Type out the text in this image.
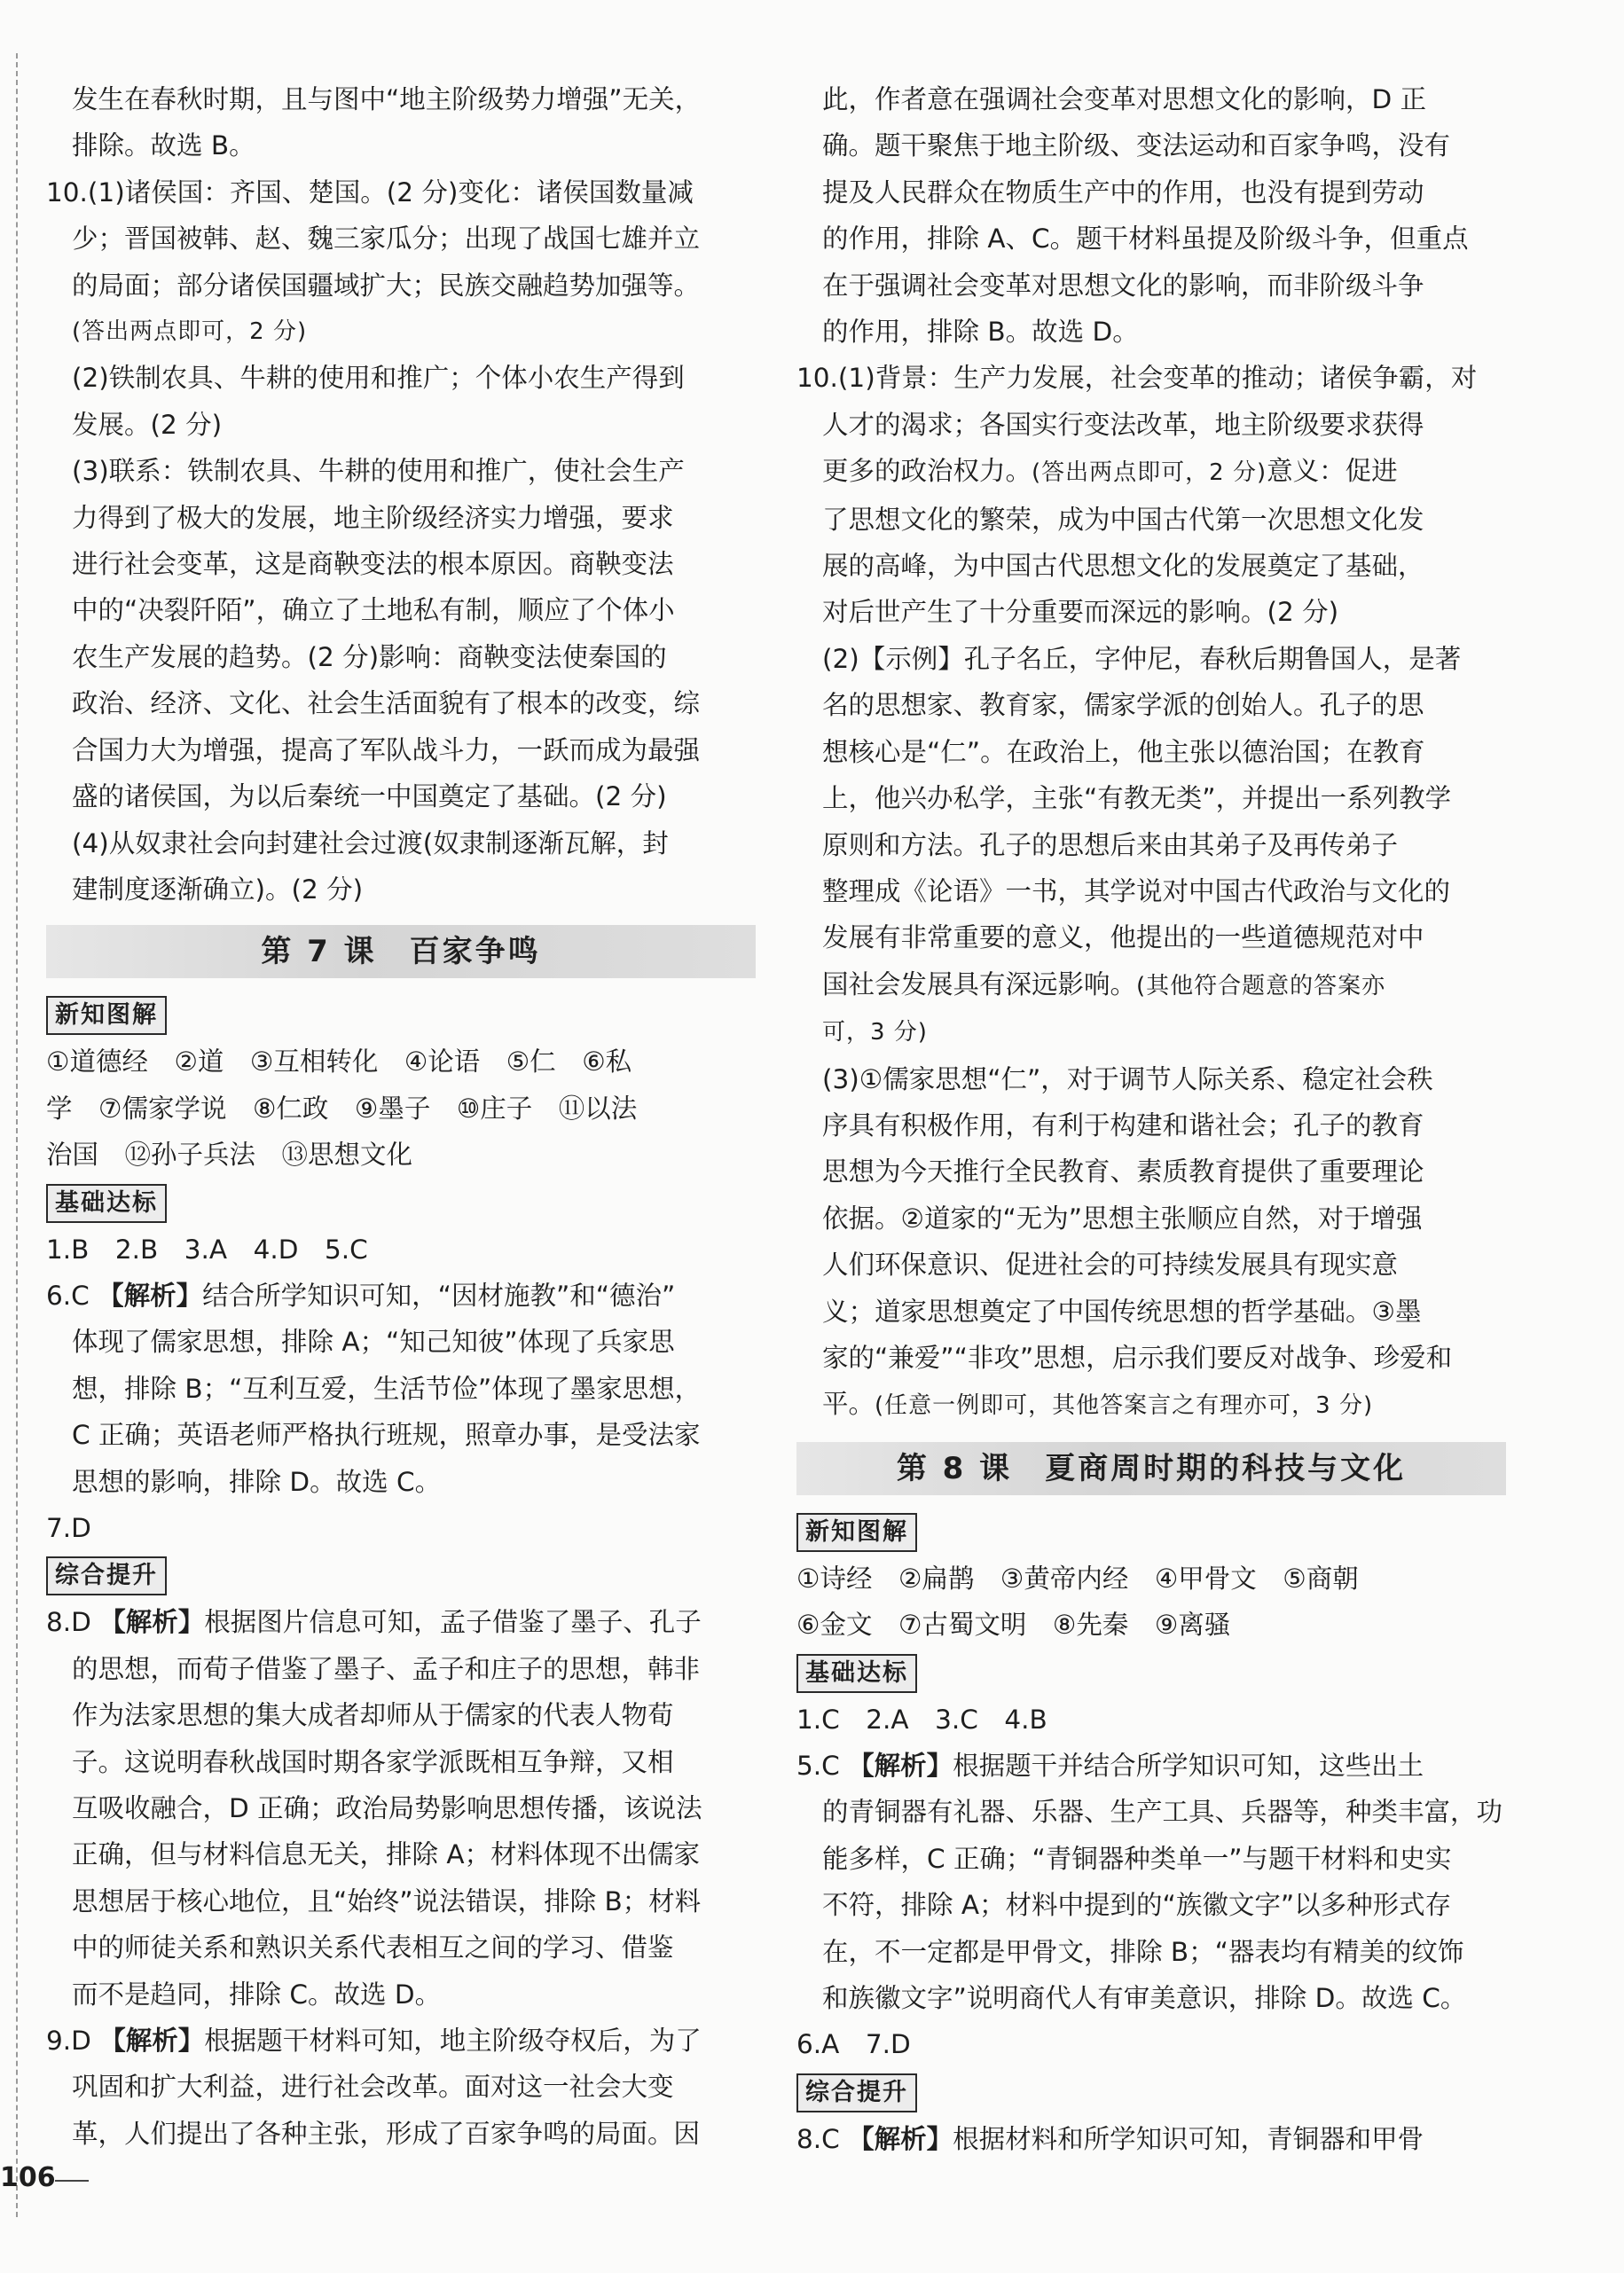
发生在春秋时期，且与图中“地主阶级势力增强”无关，
排除。故选 B。
10.(1)诸侯国：齐国、楚国。(2 分)变化：诸侯国数量减
少；晋国被韩、赵、魏三家瓜分；出现了战国七雄并立
的局面；部分诸侯国疆域扩大；民族交融趋势加强等。
(答出两点即可，2 分)
(2)铁制农具、牛耕的使用和推广；个体小农生产得到
发展。(2 分)
(3)联系：铁制农具、牛耕的使用和推广，使社会生产
力得到了极大的发展，地主阶级经济实力增强，要求
进行社会变革，这是商鞅变法的根本原因。商鞅变法
中的“决裂阡陌”，确立了土地私有制，顺应了个体小
农生产发展的趋势。(2 分)影响：商鞅变法使秦国的
政治、经济、文化、社会生活面貌有了根本的改变，综
合国力大为增强，提高了军队战斗力，一跃而成为最强
盛的诸侯国，为以后秦统一中国奠定了基础。(2 分)
(4)从奴隶社会向封建社会过渡(奴隶制逐渐瓦解，封
建制度逐渐确立)。(2 分)
第 7 课　百家争鸣
新知图解
①道德经　②道　③互相转化　④论语　⑤仁　⑥私
学　⑦儒家学说　⑧仁政　⑨墨子　⑩庄子　⑪以法
治国　⑫孙子兵法　⑬思想文化
基础达标
1.B　2.B　3.A　4.D　5.C
6.C 【解析】结合所学知识可知，“因材施教”和“德治”
体现了儒家思想，排除 A；“知己知彼”体现了兵家思
想，排除 B；“互利互爱，生活节俭”体现了墨家思想，
C 正确；英语老师严格执行班规，照章办事，是受法家
思想的影响，排除 D。故选 C。
7.D
综合提升
8.D 【解析】根据图片信息可知，孟子借鉴了墨子、孔子
的思想，而荀子借鉴了墨子、孟子和庄子的思想，韩非
作为法家思想的集大成者却师从于儒家的代表人物荀
子。这说明春秋战国时期各家学派既相互争辩，又相
互吸收融合，D 正确；政治局势影响思想传播，该说法
正确，但与材料信息无关，排除 A；材料体现不出儒家
思想居于核心地位，且“始终”说法错误，排除 B；材料
中的师徒关系和熟识关系代表相互之间的学习、借鉴
而不是趋同，排除 C。故选 D。
9.D 【解析】根据题干材料可知，地主阶级夺权后，为了
巩固和扩大利益，进行社会改革。面对这一社会大变
革，人们提出了各种主张，形成了百家争鸣的局面。因
此，作者意在强调社会变革对思想文化的影响，D 正
确。题干聚焦于地主阶级、变法运动和百家争鸣，没有
提及人民群众在物质生产中的作用，也没有提到劳动
的作用，排除 A、C。题干材料虽提及阶级斗争，但重点
在于强调社会变革对思想文化的影响，而非阶级斗争
的作用，排除 B。故选 D。
10.(1)背景：生产力发展，社会变革的推动；诸侯争霸，对
人才的渴求；各国实行变法改革，地主阶级要求获得
更多的政治权力。(答出两点即可，2 分)意义：促进
了思想文化的繁荣，成为中国古代第一次思想文化发
展的高峰，为中国古代思想文化的发展奠定了基础，
对后世产生了十分重要而深远的影响。(2 分)
(2)【示例】孔子名丘，字仲尼，春秋后期鲁国人，是著
名的思想家、教育家，儒家学派的创始人。孔子的思
想核心是“仁”。在政治上，他主张以德治国；在教育
上，他兴办私学，主张“有教无类”，并提出一系列教学
原则和方法。孔子的思想后来由其弟子及再传弟子
整理成《论语》一书，其学说对中国古代政治与文化的
发展有非常重要的意义，他提出的一些道德规范对中
国社会发展具有深远影响。(其他符合题意的答案亦
可，3 分)
(3)①儒家思想“仁”，对于调节人际关系、稳定社会秩
序具有积极作用，有利于构建和谐社会；孔子的教育
思想为今天推行全民教育、素质教育提供了重要理论
依据。②道家的“无为”思想主张顺应自然，对于增强
人们环保意识、促进社会的可持续发展具有现实意
义；道家思想奠定了中国传统思想的哲学基础。③墨
家的“兼爱”“非攻”思想，启示我们要反对战争、珍爱和
平。(任意一例即可，其他答案言之有理亦可，3 分)
第 8 课　夏商周时期的科技与文化
新知图解
①诗经　②扁鹊　③黄帝内经　④甲骨文　⑤商朝
⑥金文　⑦古蜀文明　⑧先秦　⑨离骚
基础达标
1.C　2.A　3.C　4.B
5.C 【解析】根据题干并结合所学知识可知，这些出土
的青铜器有礼器、乐器、生产工具、兵器等，种类丰富，功
能多样，C 正确；“青铜器种类单一”与题干材料和史实
不符，排除 A；材料中提到的“族徽文字”以多种形式存
在，不一定都是甲骨文，排除 B；“器表均有精美的纹饰
和族徽文字”说明商代人有审美意识，排除 D。故选 C。
6.A　7.D
综合提升
8.C 【解析】根据材料和所学知识可知，青铜器和甲骨
106
